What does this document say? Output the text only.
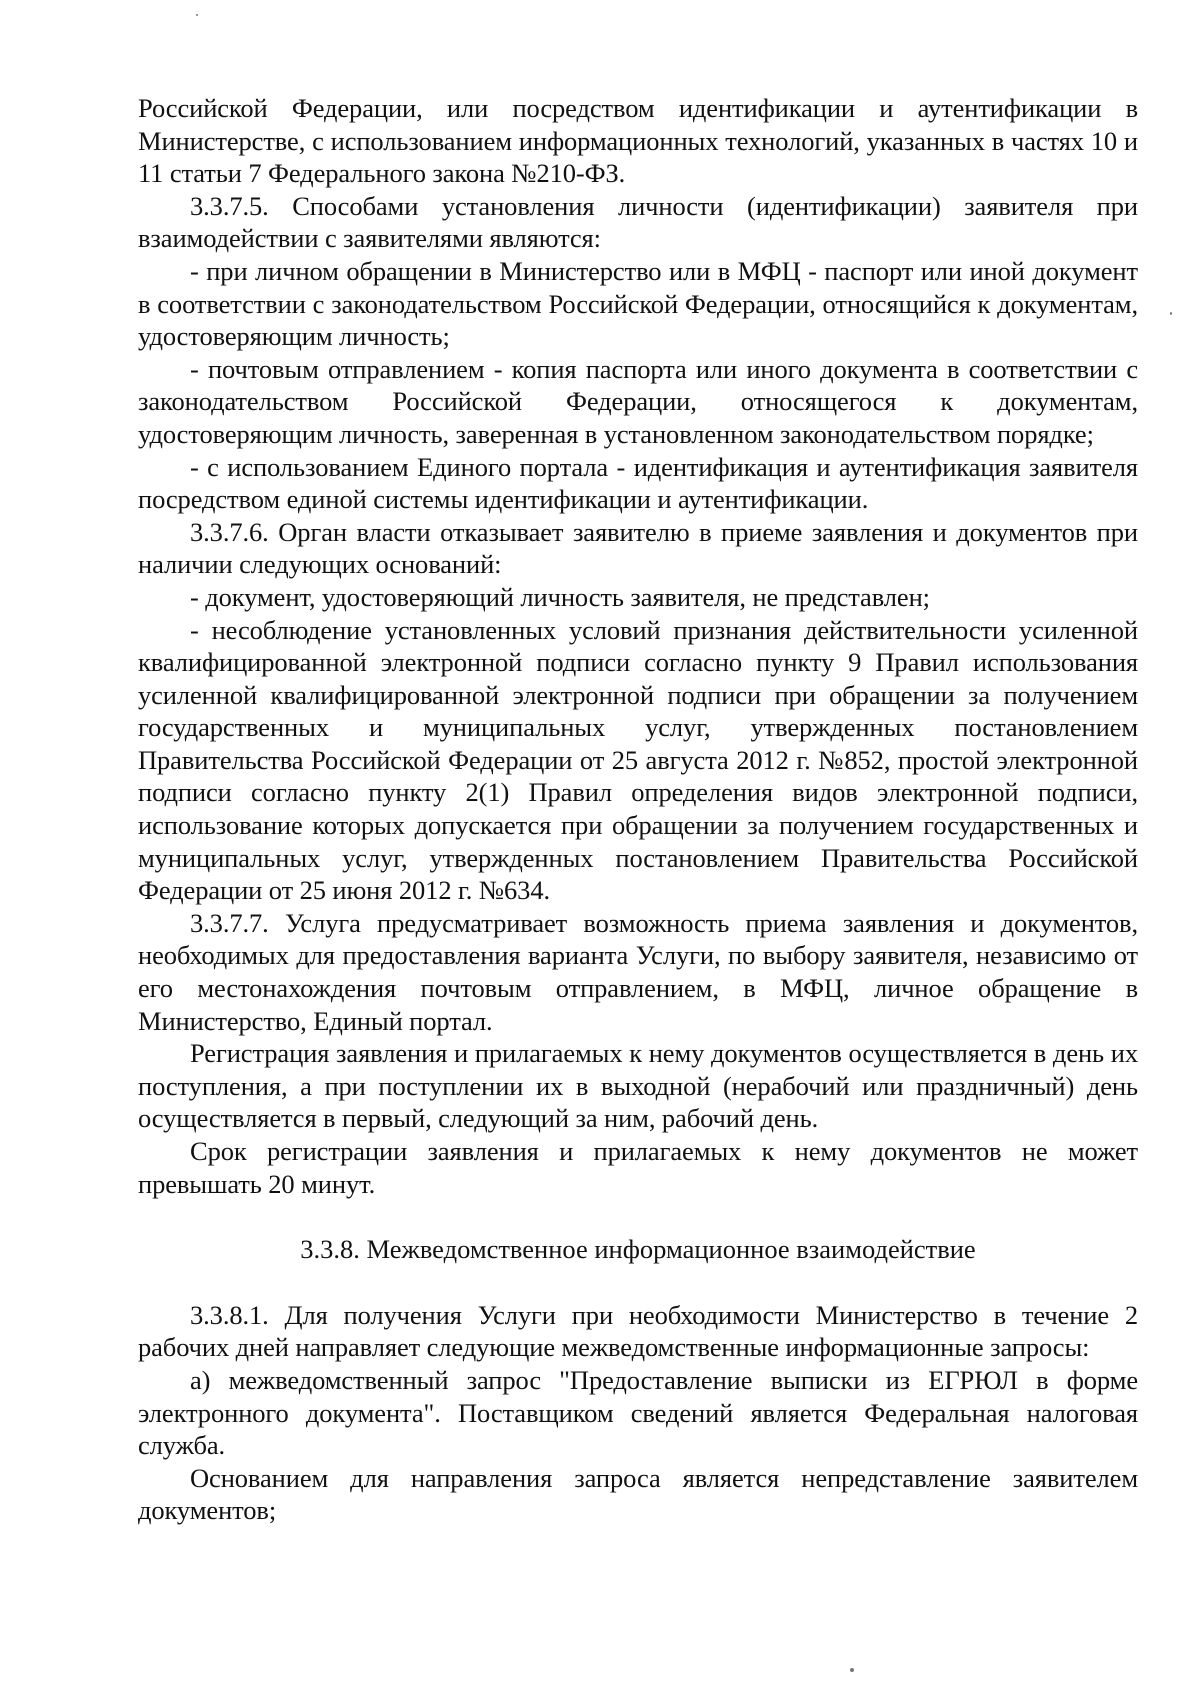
Российской Федерации, или посредством идентификации и аутентификации в Министерстве, с использованием информационных технологий, указанных в частях 10 и 11 статьи 7 Федерального закона №210-ФЗ.

3.3.7.5. Способами установления личности (идентификации) заявителя при взаимодействии с заявителями являются:

- при личном обращении в Министерство или в МФЦ - паспорт или иной документ в соответствии с законодательством Российской Федерации, относящийся к документам, удостоверяющим личность;

- почтовым отправлением - копия паспорта или иного документа в соответствии с законодательством Российской Федерации, относящегося к документам, удостоверяющим личность, заверенная в установленном законодательством порядке;

- с использованием Единого портала - идентификация и аутентификация заявителя посредством единой системы идентификации и аутентификации.

3.3.7.6. Орган власти отказывает заявителю в приеме заявления и документов при наличии следующих оснований:

- документ, удостоверяющий личность заявителя, не представлен;

- несоблюдение установленных условий признания действительности усиленной квалифицированной электронной подписи согласно пункту 9 Правил использования усиленной квалифицированной электронной подписи при обращении за получением государственных и муниципальных услуг, утвержденных постановлением Правительства Российской Федерации от 25 августа 2012 г. №852, простой электронной подписи согласно пункту 2(1) Правил определения видов электронной подписи, использование которых допускается при обращении за получением государственных и муниципальных услуг, утвержденных постановлением Правительства Российской Федерации от 25 июня 2012 г. №634.

3.3.7.7. Услуга предусматривает возможность приема заявления и документов, необходимых для предоставления варианта Услуги, по выбору заявителя, независимо от его местонахождения почтовым отправлением, в МФЦ, личное обращение в Министерство, Единый портал.

Регистрация заявления и прилагаемых к нему документов осуществляется в день их поступления, а при поступлении их в выходной (нерабочий или праздничный) день осуществляется в первый, следующий за ним, рабочий день.

Срок регистрации заявления и прилагаемых к нему документов не может превышать 20 минут.

3.3.8. Межведомственное информационное взаимодействие

3.3.8.1. Для получения Услуги при необходимости Министерство в течение 2 рабочих дней направляет следующие межведомственные информационные запросы:

а) межведомственный запрос "Предоставление выписки из ЕГРЮЛ в форме электронного документа". Поставщиком сведений является Федеральная налоговая служба.

Основанием для направления запроса является непредставление заявителем документов;
